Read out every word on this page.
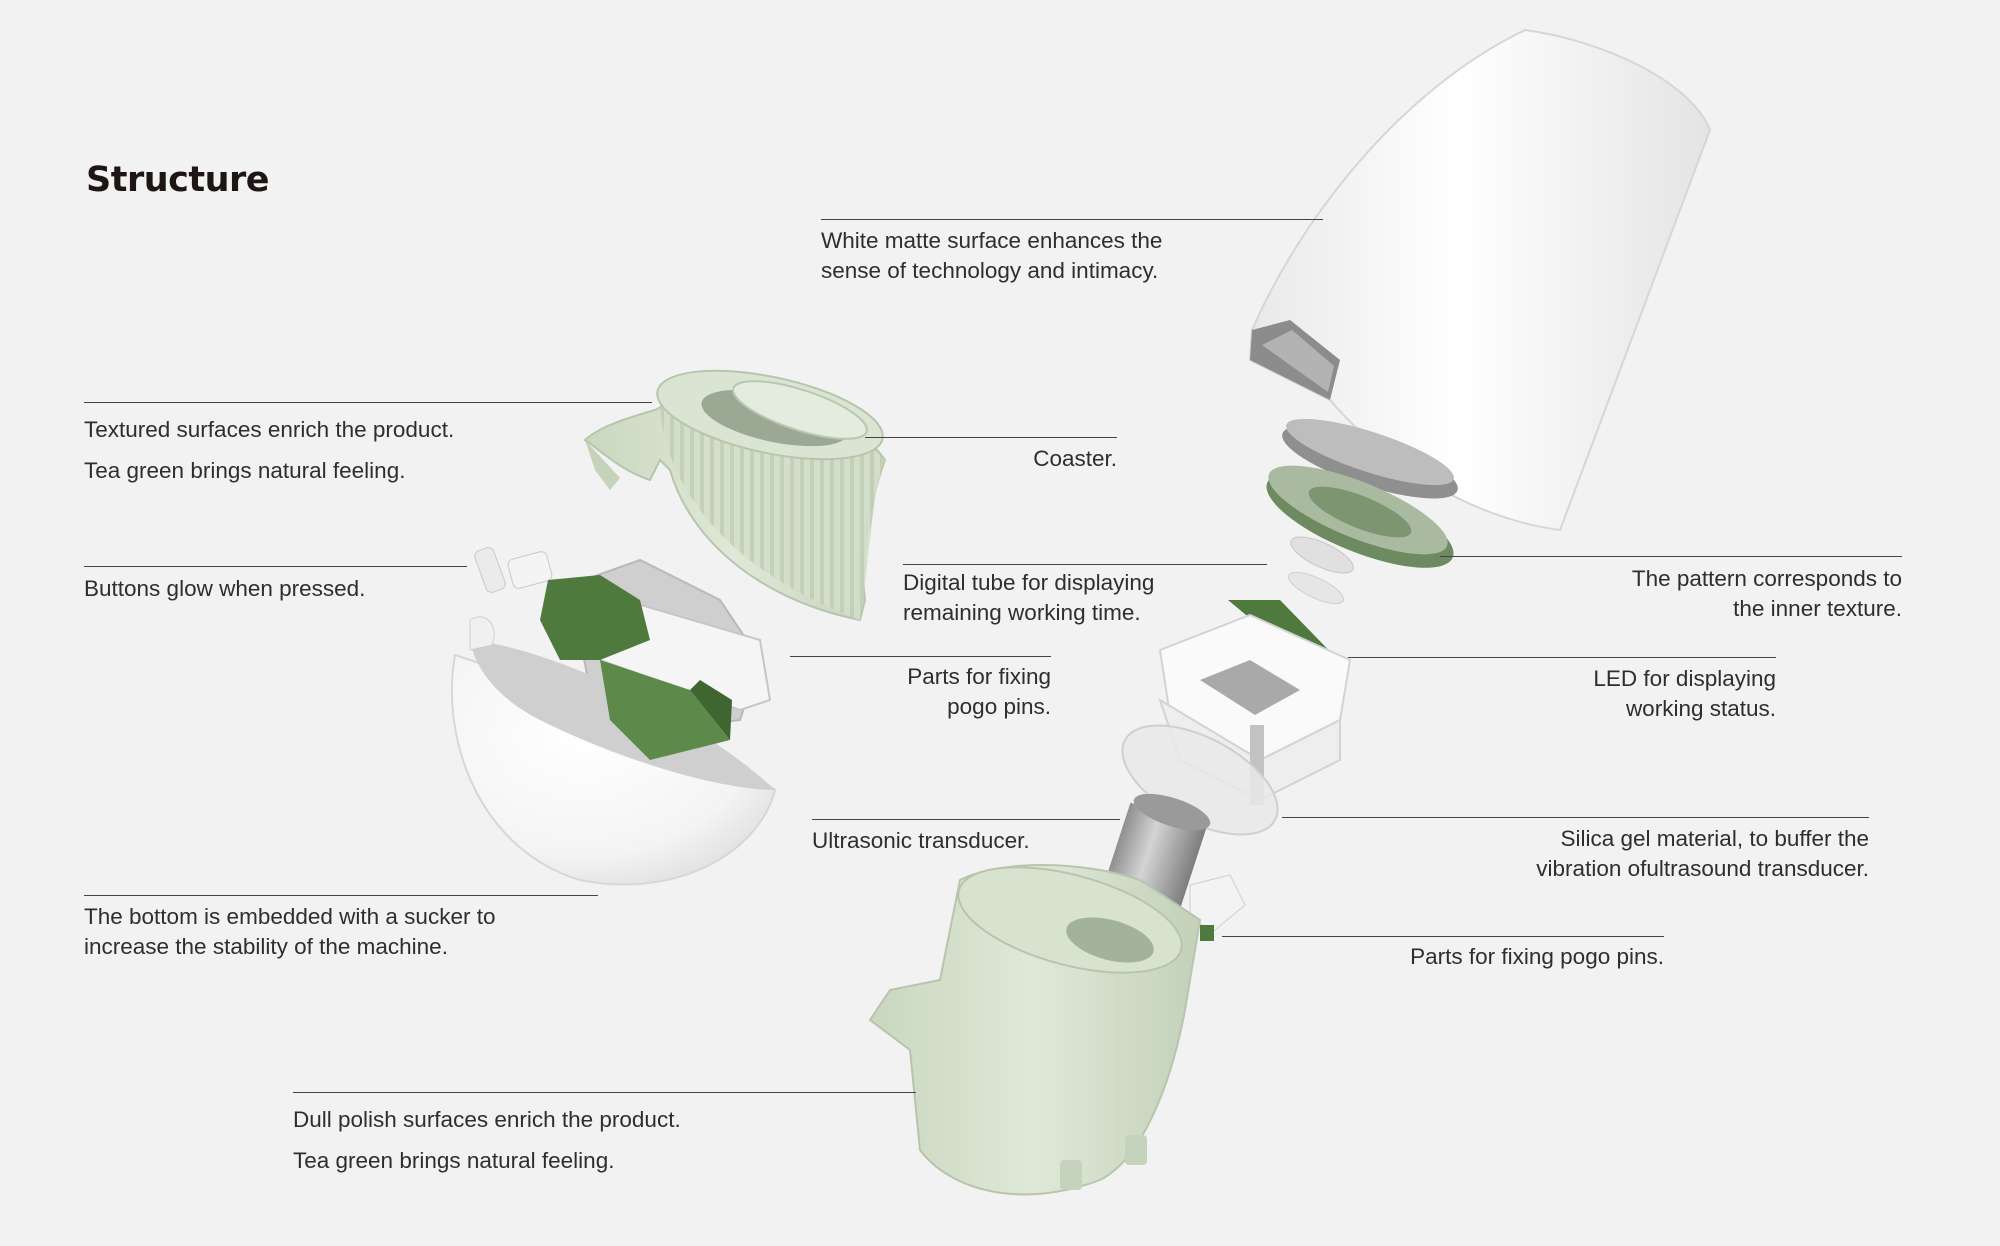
Structure
White matte surface enhances the
sense of technology and intimacy.
Textured surfaces enrich the product.
Tea green brings natural feeling.	Coaster.
Buttons glow when pressed.	Digital tube for displaying
remaining working time.
The pattern corresponds to
the inner texture.
Parts for fixing
pogo pins.
LED for displaying
working status.
Ultrasonic transducer.	Silica gel material, to buffer the
vibration ofultrasound transducer.
Parts for fixing pogo pins.
The bottom is embedded with a sucker to
increase the stability of the machine.
Dull polish surfaces enrich the product.
Tea green brings natural feeling.
